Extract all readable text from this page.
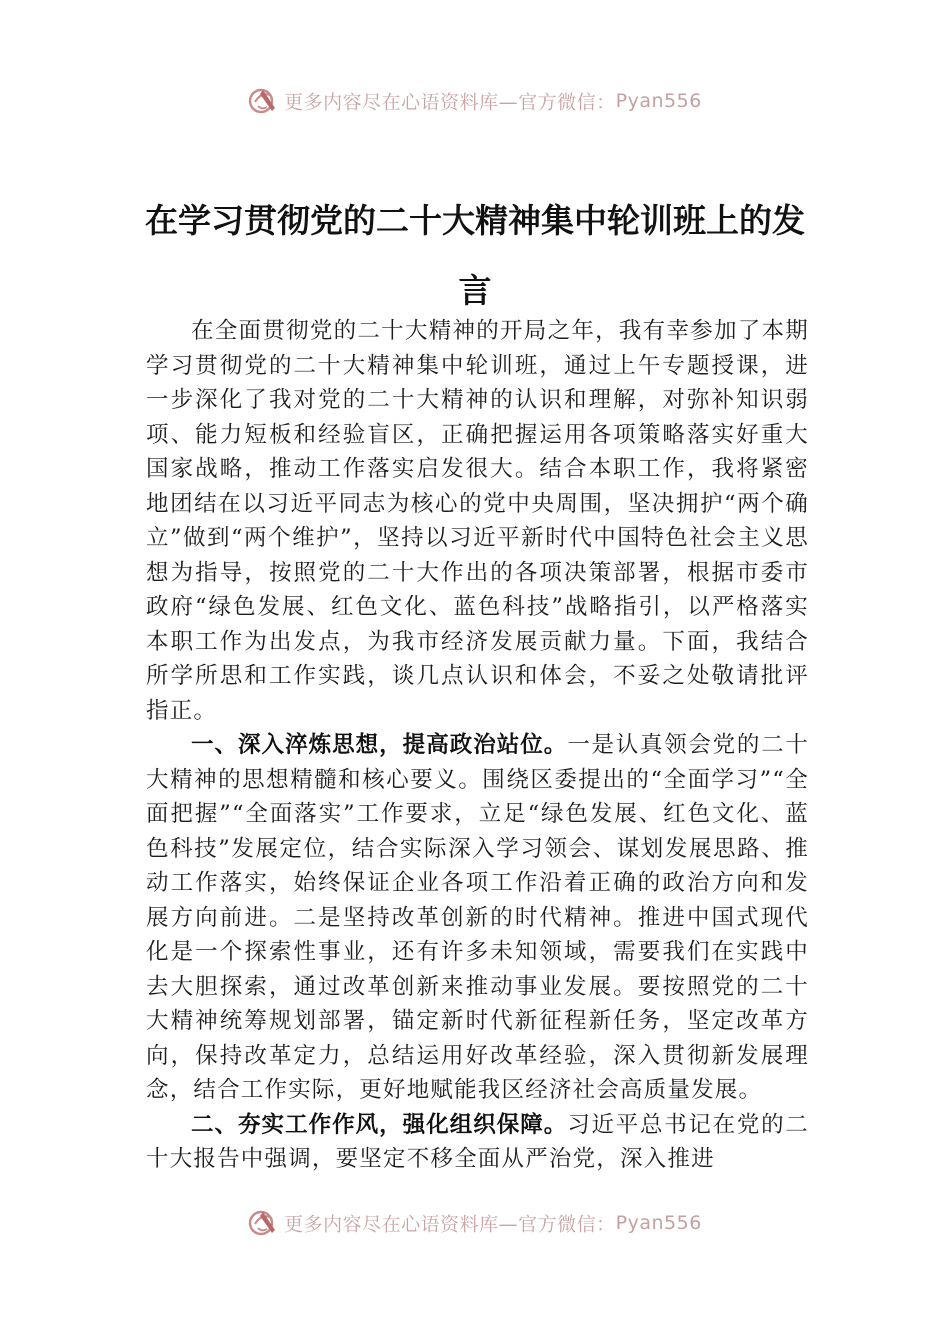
更多内容尽在心语资料库—官方微信：Pyan556
在学习贯彻党的二十大精神集中轮训班上的发言

在全面贯彻党的二十大精神的开局之年，我有幸参加了本期学习贯彻党的二十大精神集中轮训班，通过上午专题授课，进一步深化了我对党的二十大精神的认识和理解，对弥补知识弱项、能力短板和经验盲区，正确把握运用各项策略落实好重大国家战略，推动工作落实启发很大。结合本职工作，我将紧密地团结在以习近平同志为核心的党中央周围，坚决拥护“两个确立”做到“两个维护”，坚持以习近平新时代中国特色社会主义思想为指导，按照党的二十大作出的各项决策部署，根据市委市政府“绿色发展、红色文化、蓝色科技”战略指引，以严格落实本职工作为出发点，为我市经济发展贡献力量。下面，我结合所学所思和工作实践，谈几点认识和体会，不妥之处敬请批评指正。

一、深入淬炼思想，提高政治站位。一是认真领会党的二十大精神的思想精髓和核心要义。围绕区委提出的“全面学习”“全面把握”“全面落实”工作要求，立足“绿色发展、红色文化、蓝色科技”发展定位，结合实际深入学习领会、谋划发展思路、推动工作落实，始终保证企业各项工作沿着正确的政治方向和发展方向前进。二是坚持改革创新的时代精神。推进中国式现代化是一个探索性事业，还有许多未知领域，需要我们在实践中去大胆探索，通过改革创新来推动事业发展。要按照党的二十大精神统筹规划部署，锚定新时代新征程新任务，坚定改革方向，保持改革定力，总结运用好改革经验，深入贯彻新发展理念，结合工作实际，更好地赋能我区经济社会高质量发展。

二、夯实工作作风，强化组织保障。习近平总书记在党的二十大报告中强调，要坚定不移全面从严治党，深入推进

更多内容尽在心语资料库—官方微信：Pyan556
